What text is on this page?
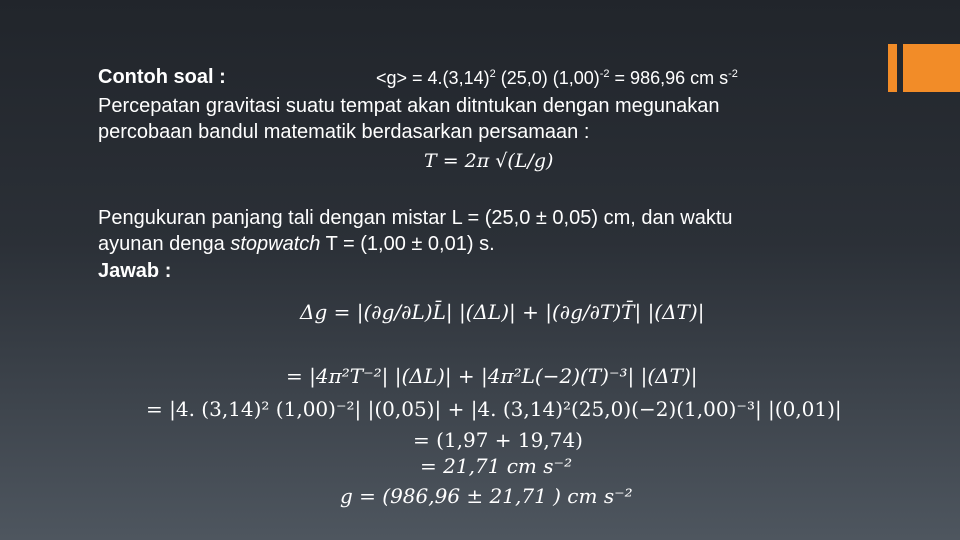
Contoh soal :	$<g> = 4.(3,14)^2$ (25,0) $(1,00)^{-2} = 986,96$ cm $s^{-2}$
Percepatan gravitasi suatu tempat akan ditntukan dengan megunakan
percobaan bandul matematik berdasarkan persamaan :
T = 2π √(L/g)
Pengukuran panjang tali dengan mistar L = (25,0 ± 0,05) cm, dan waktu
ayunan denga stopwatch T = (1,00 ± 0,01) s.
Jawab :
Δg = |(∂g/∂L)L̄| |(ΔL)| + |(∂g/∂T)T̄| |(ΔT)|
= |4π²T⁻²| |(ΔL)| + |4π²L(−2)(T)⁻³| |(ΔT)|
= |4. (3,14)² (1,00)⁻²| |(0,05)| + |4. (3,14)²(25,0)(−2)(1,00)⁻³| |(0,01)|
= (1,97 + 19,74)
= 21,71 cm s⁻²
g = (986,96 ± 21,71 ) cm s⁻²
